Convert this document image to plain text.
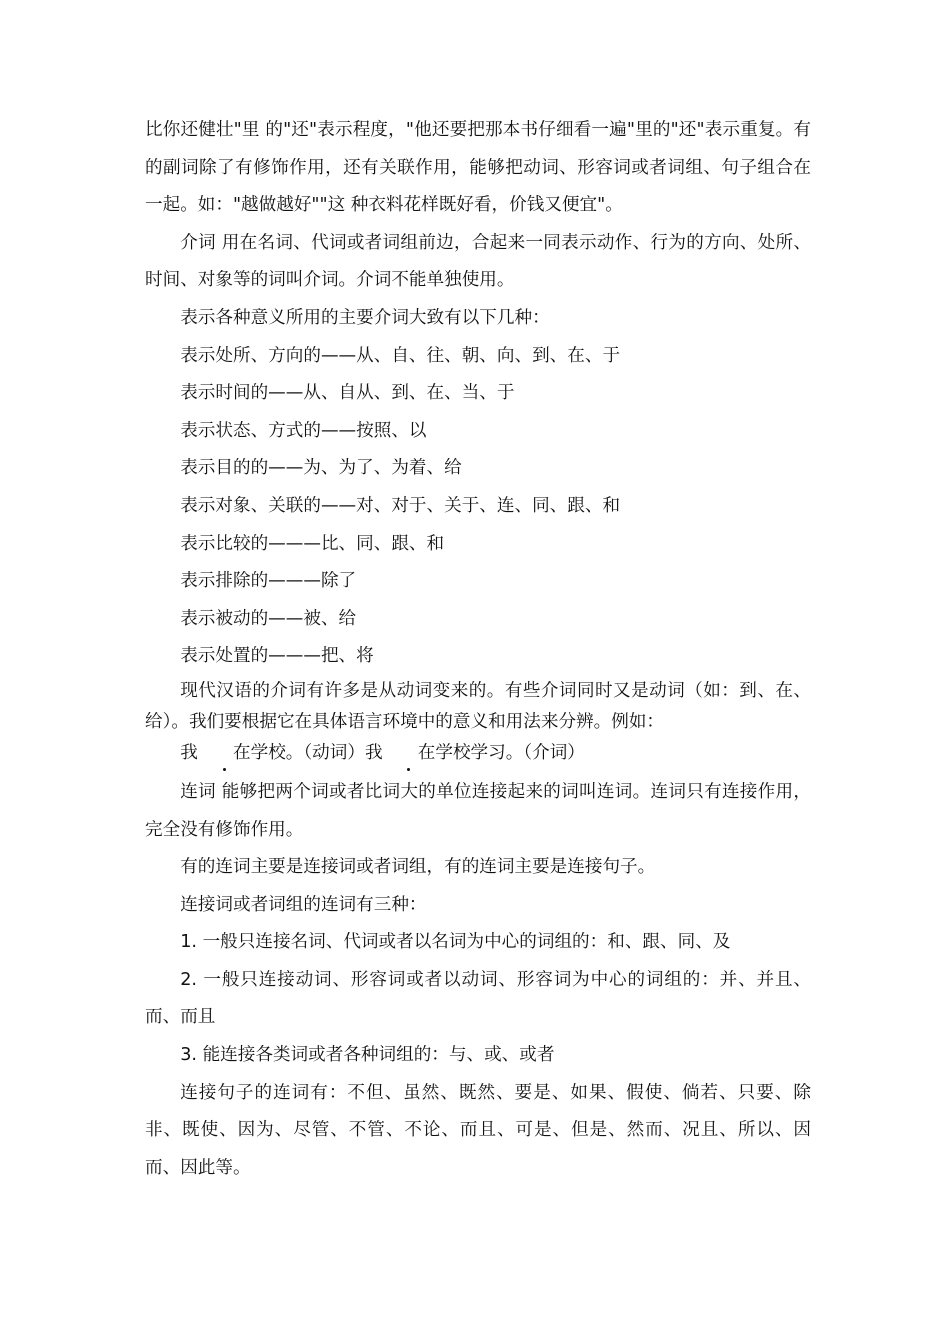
比你还健壮"里 的"还"表示程度，"他还要把那本书仔细看一遍"里的"还"表示重复。有的副词除了有修饰作用，还有关联作用，能够把动词、形容词或者词组、句子组合在一起。如："越做越好""这 种衣料花样既好看，价钱又便宜"。

介词 用在名词、代词或者词组前边，合起来一同表示动作、行为的方向、处所、时间、对象等的词叫介词。介词不能单独使用。

表示各种意义所用的主要介词大致有以下几种：

表示处所、方向的——从、自、往、朝、向、到、在、于

表示时间的——从、自从、到、在、当、于

表示状态、方式的——按照、以

表示目的的——为、为了、为着、给

表示对象、关联的——对、对于、关于、连、同、跟、和

表示比较的———比、同、跟、和

表示排除的———除了

表示被动的——被、给

表示处置的———把、将

现代汉语的介词有许多是从动词变来的。有些介词同时又是动词（如：到、在、给）。我们要根据它在具体语言环境中的意义和用法来分辨。例如：

我 在学校。（动词）我 在学校学习。（介词）

连词 能够把两个词或者比词大的单位连接起来的词叫连词。连词只有连接作用，完全没有修饰作用。

有的连词主要是连接词或者词组，有的连词主要是连接句子。

连接词或者词组的连词有三种：

1. 一般只连接名词、代词或者以名词为中心的词组的：和、跟、同、及

2. 一般只连接动词、形容词或者以动词、形容词为中心的词组的：并、并且、而、而且

3. 能连接各类词或者各种词组的：与、或、或者

连接句子的连词有：不但、虽然、既然、要是、如果、假使、倘若、只要、除非、既使、因为、尽管、不管、不论、而且、可是、但是、然而、况且、所以、因而、因此等。
